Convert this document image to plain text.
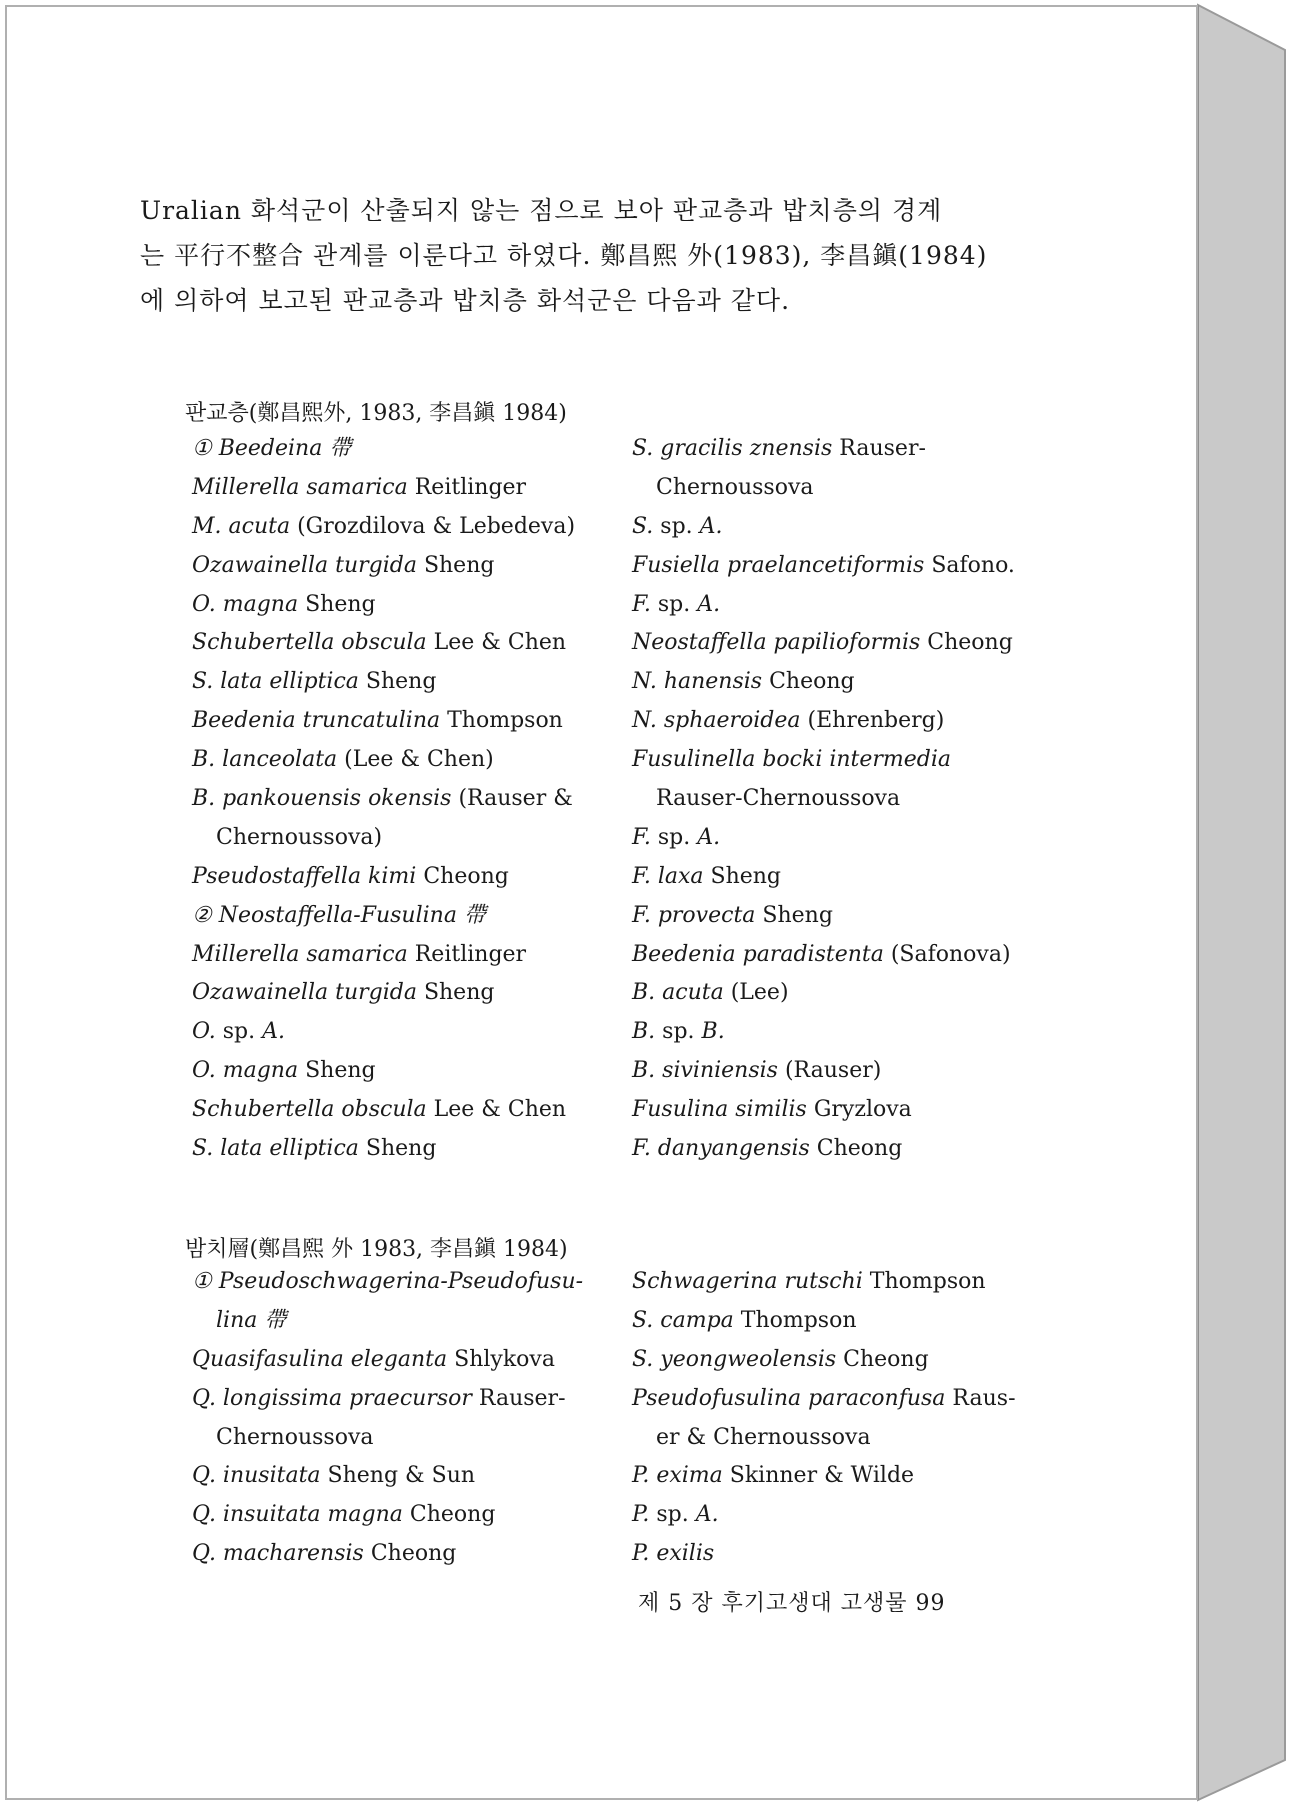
Uralian 화석군이 산출되지 않는 점으로 보아 판교층과 밥치층의 경계

는 平行不整合 관계를 이룬다고 하였다. 鄭昌熙 外(1983), 李昌鎭(1984)

에 의하여 보고된 판교층과 밥치층 화석군은 다음과 같다.

판교층(鄭昌熙外, 1983, 李昌鎭 1984)
① Beedeina 帶
Millerella samarica Reitlinger
M. acuta (Grozdilova & Lebedeva)
Ozawainella turgida Sheng
O. magna Sheng
Schubertella obscula Lee & Chen
S. lata elliptica Sheng
Beedenia truncatulina Thompson
B. lanceolata (Lee & Chen)
B. pankouensis okensis (Rauser &
Chernoussova)
Pseudostaffella kimi Cheong
② Neostaffella-Fusulina 帶
Millerella samarica Reitlinger
Ozawainella turgida Sheng
O. sp. A.
O. magna Sheng
Schubertella obscula Lee & Chen
S. lata elliptica Sheng
S. gracilis znensis Rauser-
Chernoussova
S. sp. A.
Fusiella praelancetiformis Safono.
F. sp. A.
Neostaffella papilioformis Cheong
N. hanensis Cheong
N. sphaeroidea (Ehrenberg)
Fusulinella bocki intermedia
Rauser-Chernoussova
F. sp. A.
F. laxa Sheng
F. provecta Sheng
Beedenia paradistenta (Safonova)
B. acuta (Lee)
B. sp. B.
B. siviniensis (Rauser)
Fusulina similis Gryzlova
F. danyangensis Cheong
밤치層(鄭昌熙 外 1983, 李昌鎭 1984)
① Pseudoschwagerina-Pseudofusu-
lina 帶
Quasifasulina eleganta Shlykova
Q. longissima praecursor Rauser-
Chernoussova
Q. inusitata Sheng & Sun
Q. insuitata magna Cheong
Q. macharensis Cheong
Schwagerina rutschi Thompson
S. campa Thompson
S. yeongweolensis Cheong
Pseudofusulina paraconfusa Raus-
er & Chernoussova
P. exima Skinner & Wilde
P. sp. A.
P. exilis
제 5 장 후기고생대 고생물 99
